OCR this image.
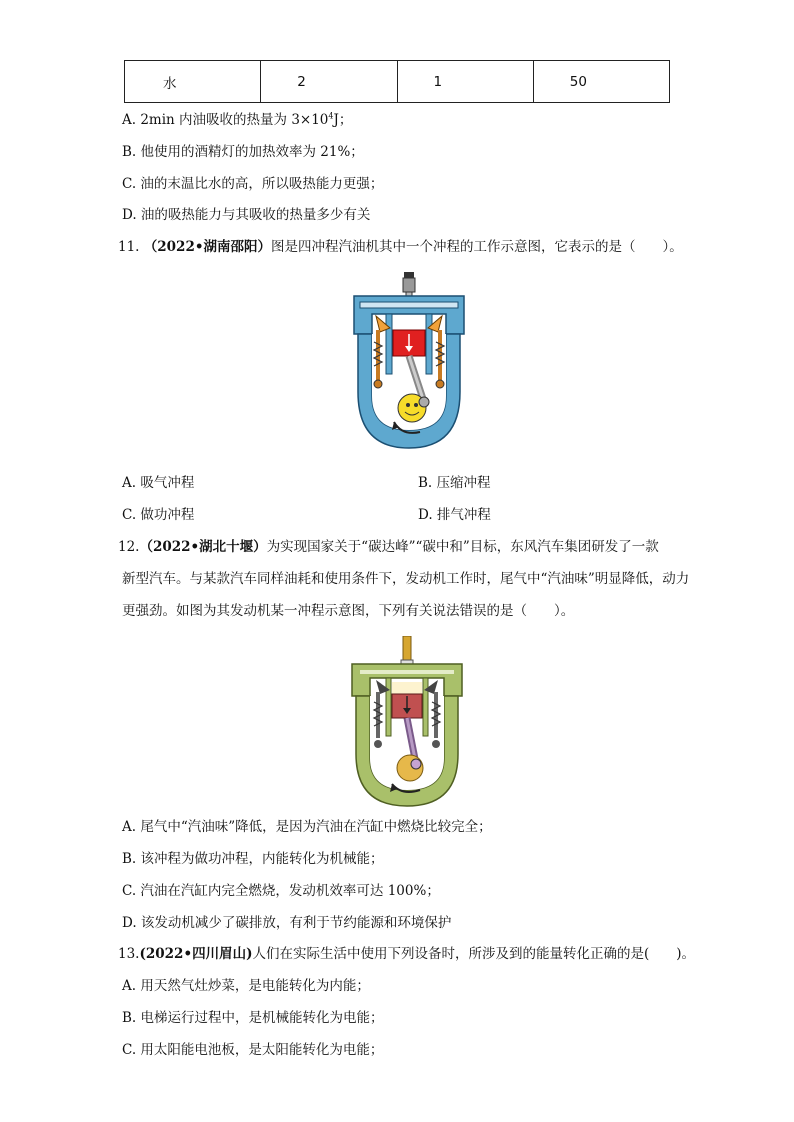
水	2	1	50
A. 2min 内油吸收的热量为 $3\times 10^4J$；
B. 他使用的酒精灯的加热效率为 21%；
C. 油的末温比水的高，所以吸热能力更强；
D. 油的吸热能力与其吸收的热量多少有关
11. （2022•湖南邵阳）图是四冲程汽油机其中一个冲程的工作示意图，它表示的是（　　）。
A. 吸气冲程	B. 压缩冲程
C. 做功冲程	D. 排气冲程
12.（2022•湖北十堰）为实现国家关于“碳达峰”“碳中和”目标，东风汽车集团研发了一款
新型汽车。与某款汽车同样油耗和使用条件下，发动机工作时，尾气中“汽油味”明显降低，动力
更强劲。如图为其发动机某一冲程示意图，下列有关说法错误的是（　　）。
A. 尾气中“汽油味”降低，是因为汽油在汽缸中燃烧比较完全；
B. 该冲程为做功冲程，内能转化为机械能；
C. 汽油在汽缸内完全燃烧，发动机效率可达 100%；
D. 该发动机减少了碳排放，有利于节约能源和环境保护
13.(2022•四川眉山)人们在实际生活中使用下列设备时，所涉及到的能量转化正确的是(　　)。
A. 用天然气灶炒菜，是电能转化为内能；
B. 电梯运行过程中，是机械能转化为电能；
C. 用太阳能电池板，是太阳能转化为电能；
